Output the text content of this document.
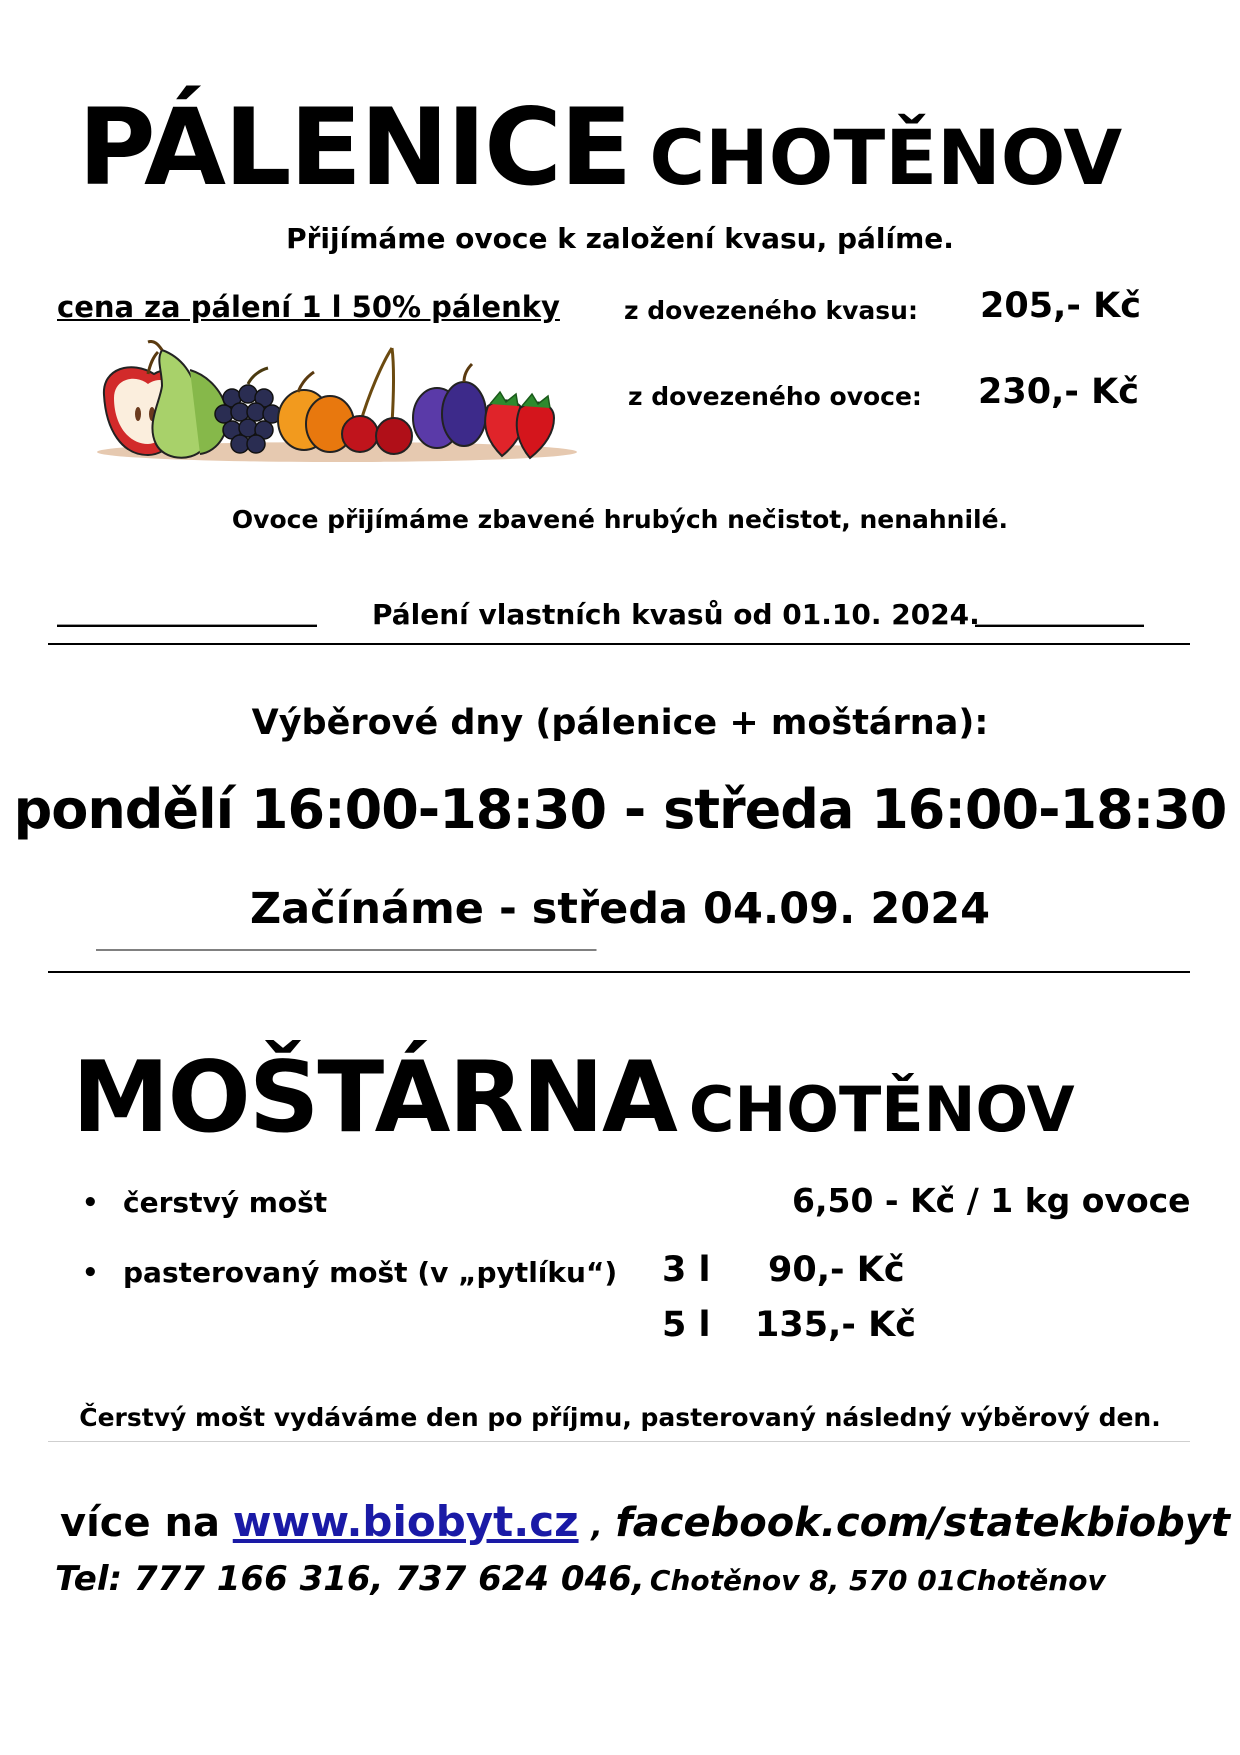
PÁLENICE CHOTĚNOV
Přijímáme ovoce k založení kvasu, pálíme.
cena za pálení 1 l 50% pálenky	z dovezeného kvasu: 205,- Kč
z dovezeného ovoce: 230,- Kč
Ovoce přijímáme zbavené hrubých nečistot, nenahnilé.
____________________ Pálení vlastních kvasů od 01.10. 2024.
_____________
Výběrové dny (pálenice + moštárna):
pondělí 16:00-18:30 - středa 16:00-18:30
Začínáme - středa 04.09. 2024
___________________________________________________________________________________________
MOŠTÁRNA CHOTĚNOV
• čerstvý mošt	6,50 - Kč / 1 kg ovoce
• pasterovaný mošt (v „pytlíku“) 3 l 90,- Kč
5 l 135,- Kč
Čerstvý mošt vydáváme den po příjmu, pasterovaný následný výběrový den.
více na www.biobyt.cz , facebook.com/statekbiobyt
Tel: 777 166 316, 737 624 046, Chotěnov 8, 570 01Chotěnov
